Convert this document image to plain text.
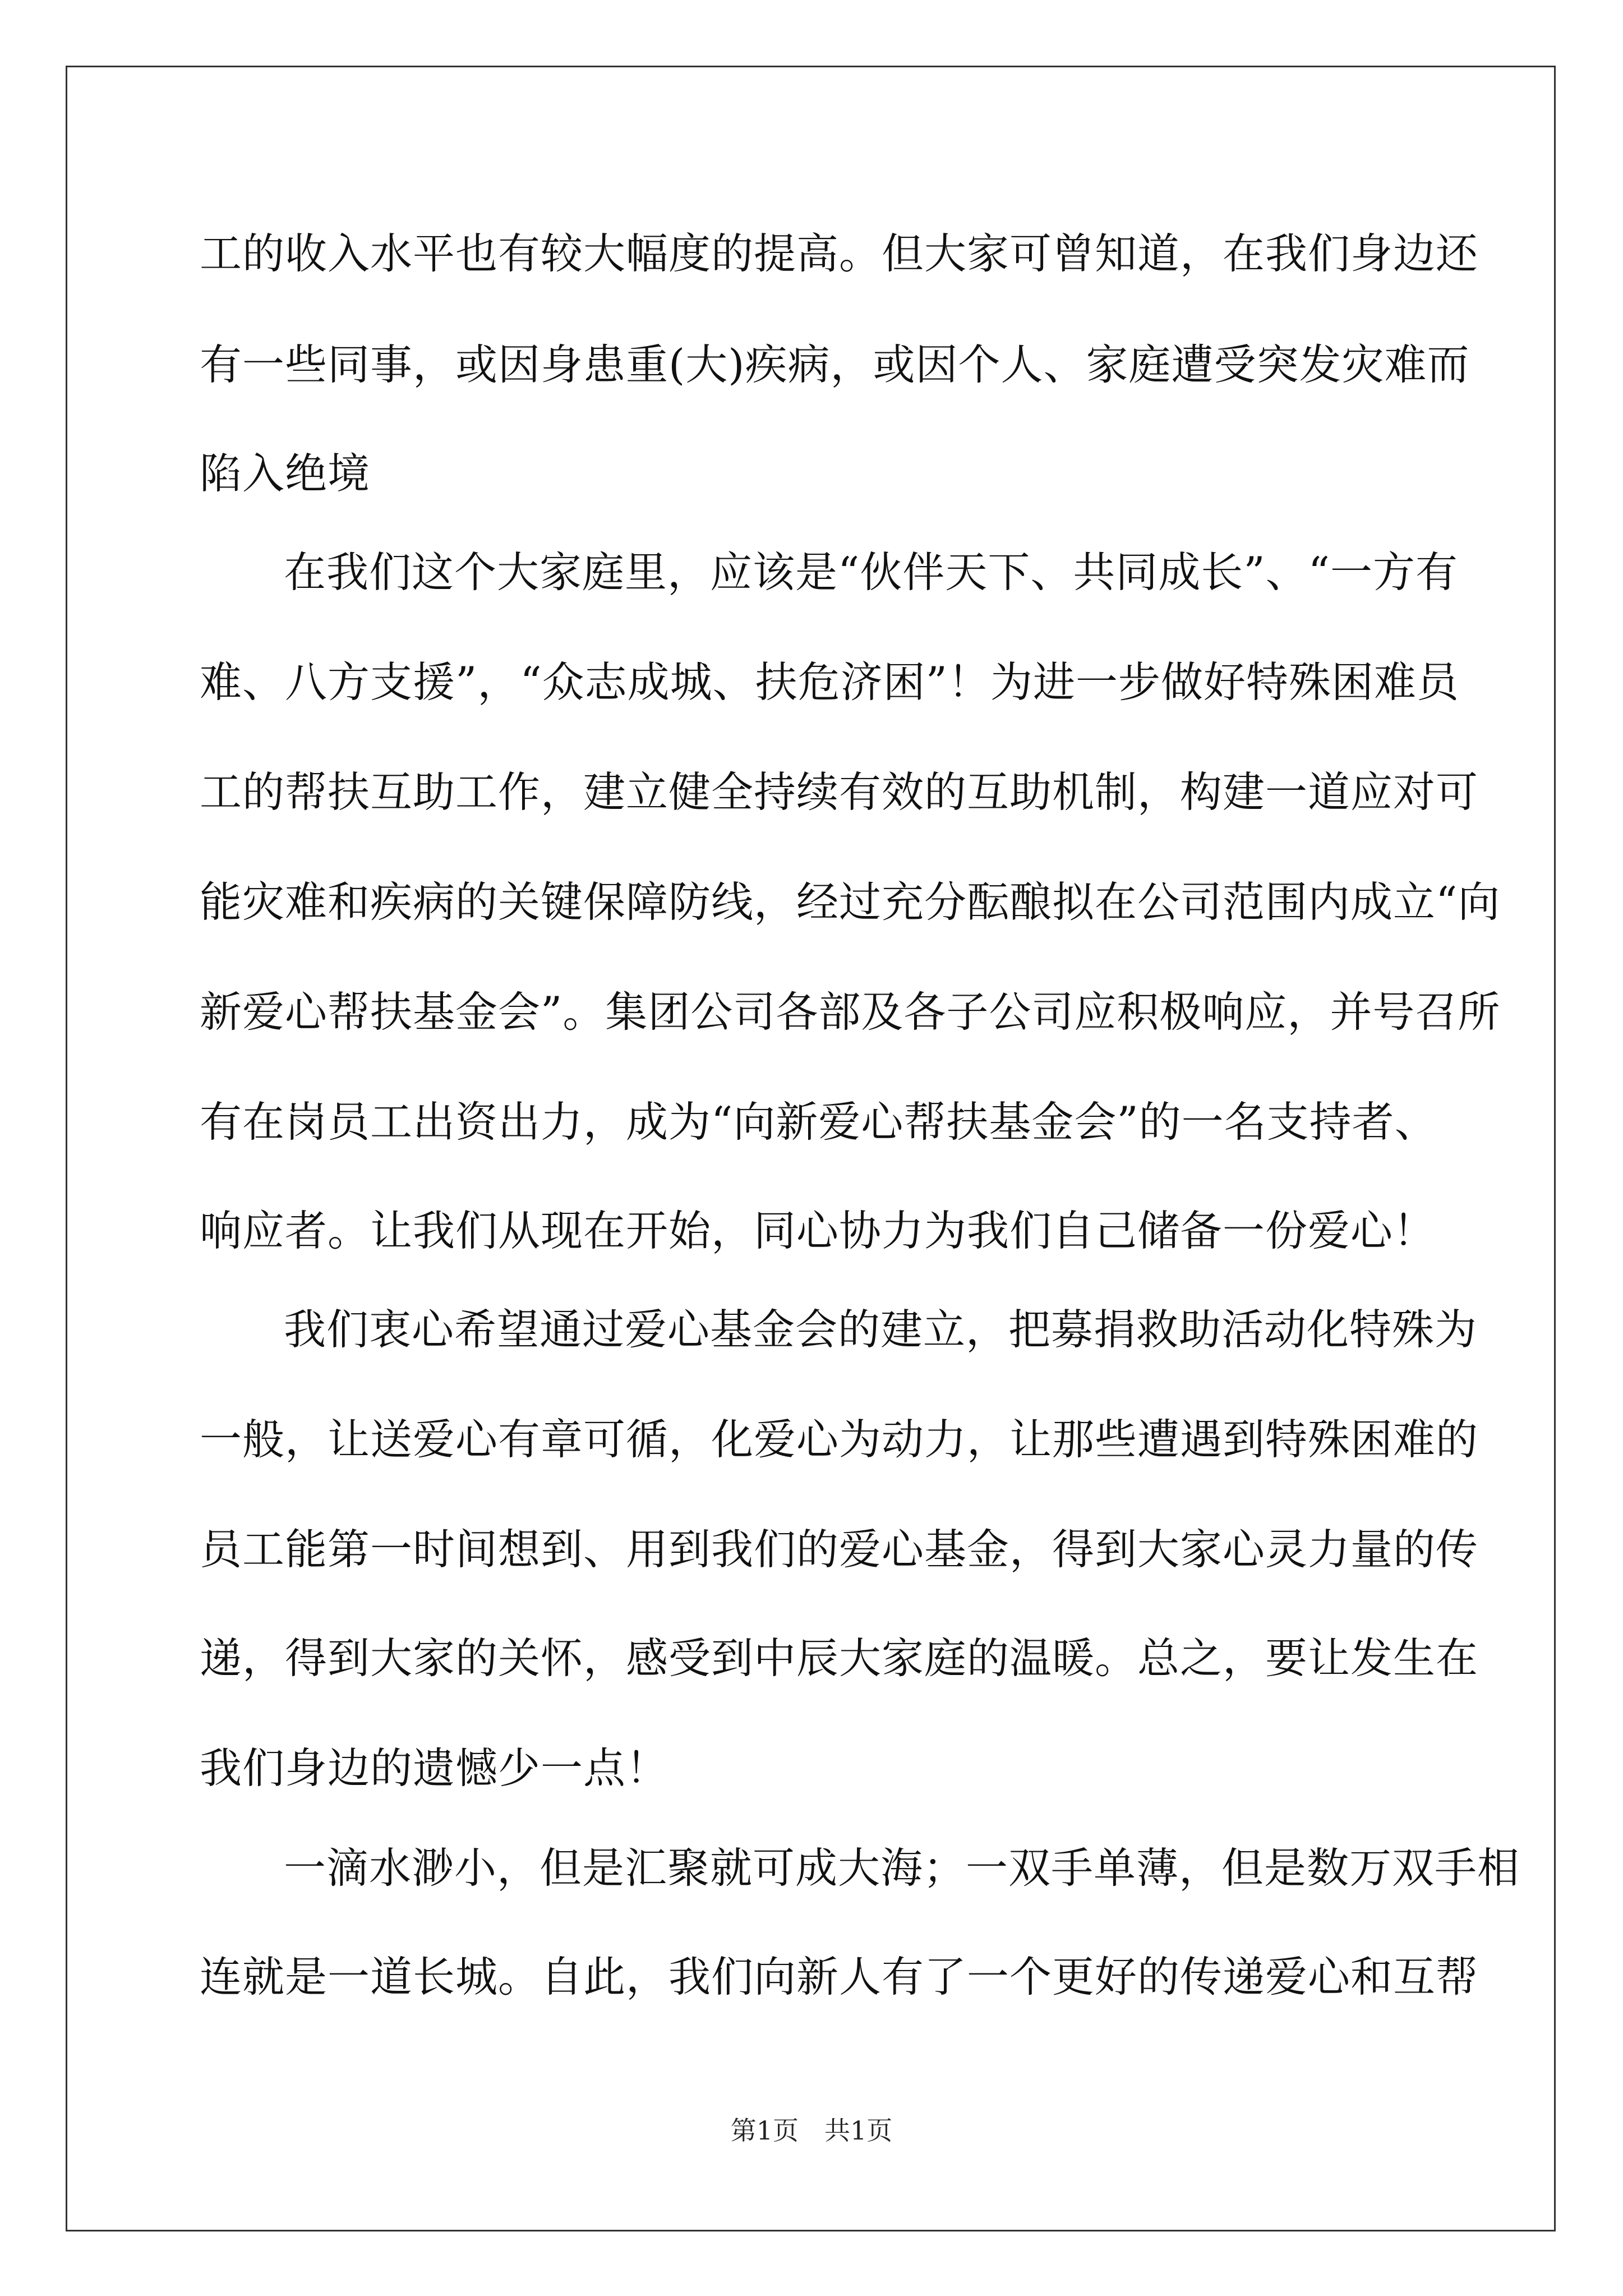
工的收入水平也有较大幅度的提高。但大家可曾知道，在我们身边还
有一些同事，或因身患重(大)疾病，或因个人、家庭遭受突发灾难而
陷入绝境
在我们这个大家庭里，应该是“伙伴天下、共同成长”、“一方有
难、八方支援”，“众志成城、扶危济困”！为进一步做好特殊困难员
工的帮扶互助工作，建立健全持续有效的互助机制，构建一道应对可
能灾难和疾病的关键保障防线，经过充分酝酿拟在公司范围内成立“向
新爱心帮扶基金会”。集团公司各部及各子公司应积极响应，并号召所
有在岗员工出资出力，成为“向新爱心帮扶基金会”的一名支持者、
响应者。让我们从现在开始，同心协力为我们自己储备一份爱心！
我们衷心希望通过爱心基金会的建立，把募捐救助活动化特殊为
一般，让送爱心有章可循，化爱心为动力，让那些遭遇到特殊困难的
员工能第一时间想到、用到我们的爱心基金，得到大家心灵力量的传
递，得到大家的关怀，感受到中辰大家庭的温暖。总之，要让发生在
我们身边的遗憾少一点！
一滴水渺小，但是汇聚就可成大海；一双手单薄，但是数万双手相
连就是一道长城。自此，我们向新人有了一个更好的传递爱心和互帮
第1页　共1页
